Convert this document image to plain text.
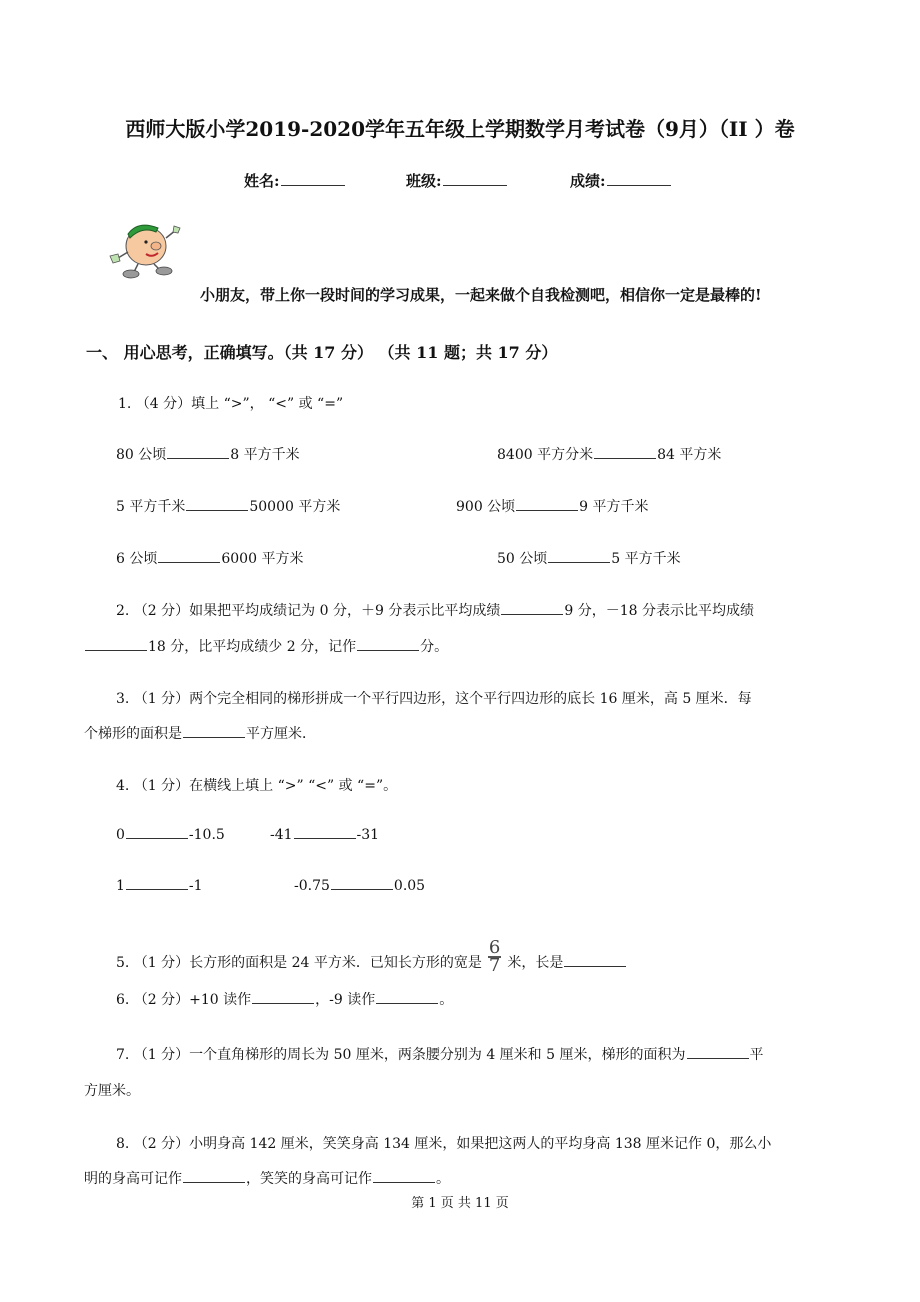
西师大版小学2019-2020学年五年级上学期数学月考试卷（9月）（II ）卷
姓名:	班级:	成绩:
小朋友，带上你一段时间的学习成果，一起来做个自我检测吧，相信你一定是最棒的!
一、 用心思考，正确填写。（共 17 分） （共 11 题；共 17 分）
1. （4 分）填上 “>”， “<” 或 “=”
80 公顷	8 平方千米	8400 平方分米	84 平方米
5 平方千米	50000 平方米	900 公顷	9 平方千米
6 公顷	6000 平方米	50 公顷	5 平方千米
2. （2 分）如果把平均成绩记为 0 分，＋9 分表示比平均成绩	9 分，－18 分表示比平均成绩
18 分，比平均成绩少 2 分，记作	分。
3. （1 分）两个完全相同的梯形拼成一个平行四边形，这个平行四边形的底长 16 厘米，高 5 厘米．每
个梯形的面积是	平方厘米．
4. （1 分）在横线上填上 “>” “<” 或 “=”。
0	-10.5	-41	-31
1	-1	-0.75	0.05
5. （1 分）长方形的面积是 24 平方米．已知长方形的宽是 $\frac{6}{7}$ 米，长是
6. （2 分）+10 读作	，-9 读作	。
7. （1 分）一个直角梯形的周长为 50 厘米，两条腰分别为 4 厘米和 5 厘米，梯形的面积为	平
方厘米。
8. （2 分）小明身高 142 厘米，笑笑身高 134 厘米，如果把这两人的平均身高 138 厘米记作 0，那么小
明的身高可记作	，笑笑的身高可记作	。
第 1 页 共 11 页
